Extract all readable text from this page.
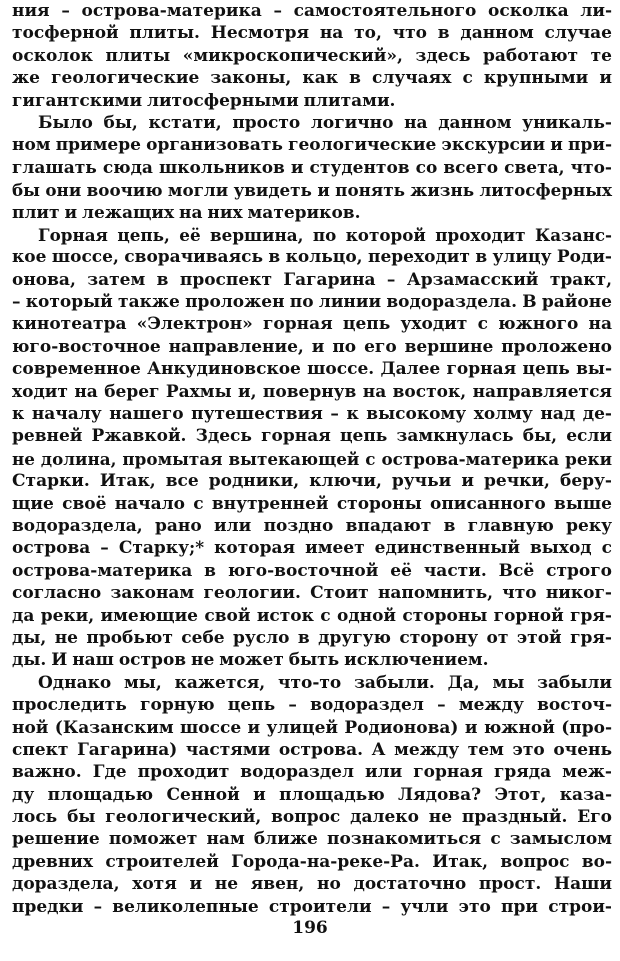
ния – острова-материка – самостоятельного осколка ли-
тосферной плиты. Несмотря на то, что в данном случае
осколок плиты «микроскопический», здесь работают те
же геологические законы, как в случаях с крупными и
гигантскими литосферными плитами.
Было бы, кстати, просто логично на данном уникаль-
ном примере организовать геологические экскурсии и при-
глашать сюда школьников и студентов со всего света, что-
бы они воочию могли увидеть и понять жизнь литосферных
плит и лежащих на них материков.
Горная цепь, её вершина, по которой проходит Казанс-
кое шоссе, сворачиваясь в кольцо, переходит в улицу Роди-
онова, затем в проспект Гагарина – Арзамасский тракт,
– который также проложен по линии водораздела. В районе
кинотеатра «Электрон» горная цепь уходит с южного на
юго-восточное направление, и по его вершине проложено
современное Анкудиновское шоссе. Далее горная цепь вы-
ходит на берег Рахмы и, повернув на восток, направляется
к началу нашего путешествия – к высокому холму над де-
ревней Ржавкой. Здесь горная цепь замкнулась бы, если
не долина, промытая вытекающей с острова-материка реки
Старки. Итак, все родники, ключи, ручьи и речки, беру-
щие своё начало с внутренней стороны описанного выше
водораздела, рано или поздно впадают в главную реку
острова – Старку;* которая имеет единственный выход с
острова-материка в юго-восточной её части. Всё строго
согласно законам геологии. Стоит напомнить, что никог-
да реки, имеющие свой исток с одной стороны горной гря-
ды, не пробьют себе русло в другую сторону от этой гря-
ды. И наш остров не может быть исключением.
Однако мы, кажется, что-то забыли. Да, мы забыли
проследить горную цепь – водораздел – между восточ-
ной (Казанским шоссе и улицей Родионова) и южной (про-
спект Гагарина) частями острова. А между тем это очень
важно. Где проходит водораздел или горная гряда меж-
ду площадью Сенной и площадью Лядова? Этот, каза-
лось бы геологический, вопрос далеко не праздный. Его
решение поможет нам ближе познакомиться с замыслом
древних строителей Города-на-реке-Ра. Итак, вопрос во-
дораздела, хотя и не явен, но достаточно прост. Наши
предки – великолепные строители – учли это при строи-
196
